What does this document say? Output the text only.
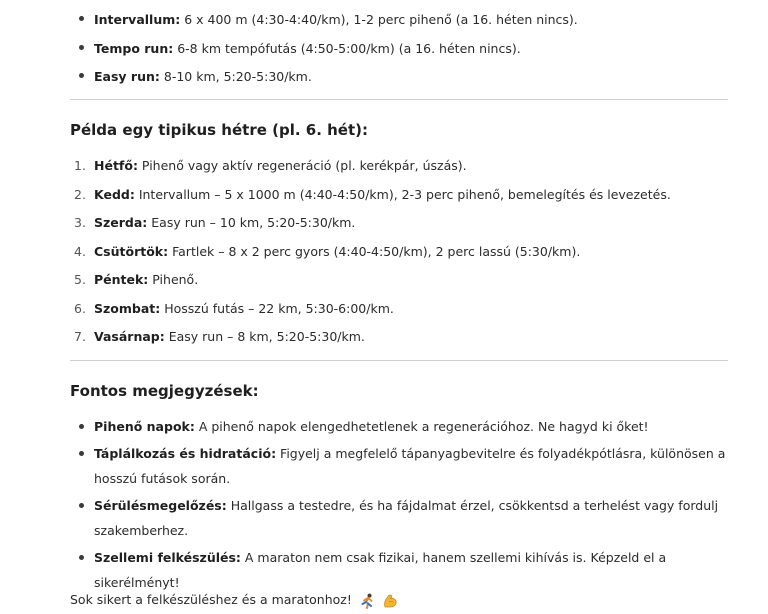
Intervallum: 6 x 400 m (4:30-4:40/km), 1-2 perc pihenő (a 16. héten nincs).
Tempo run: 6-8 km tempófutás (4:50-5:00/km) (a 16. héten nincs).
Easy run: 8-10 km, 5:20-5:30/km.
Példa egy tipikus hétre (pl. 6. hét):
1. Hétfő: Pihenő vagy aktív regeneráció (pl. kerékpár, úszás).
2. Kedd: Intervallum – 5 x 1000 m (4:40-4:50/km), 2-3 perc pihenő, bemelegítés és levezetés.
3. Szerda: Easy run – 10 km, 5:20-5:30/km.
4. Csütörtök: Fartlek – 8 x 2 perc gyors (4:40-4:50/km), 2 perc lassú (5:30/km).
5. Péntek: Pihenő.
6. Szombat: Hosszú futás – 22 km, 5:30-6:00/km.
7. Vasárnap: Easy run – 8 km, 5:20-5:30/km.
Fontos megjegyzések:
Pihenő napok: A pihenő napok elengedhetetlenek a regenerációhoz. Ne hagyd ki őket!
Táplálkozás és hidratáció: Figyelj a megfelelő tápanyagbevitelre és folyadékpótlásra, különösen a hosszú futások során.
Sérülésmegelőzés: Hallgass a testedre, és ha fájdalmat érzel, csökkentsd a terhelést vagy fordulj szakemberhez.
Szellemi felkészülés: A maraton nem csak fizikai, hanem szellemi kihívás is. Képzeld el a sikerélményt!
Sok sikert a felkészüléshez és a maratonhoz!
